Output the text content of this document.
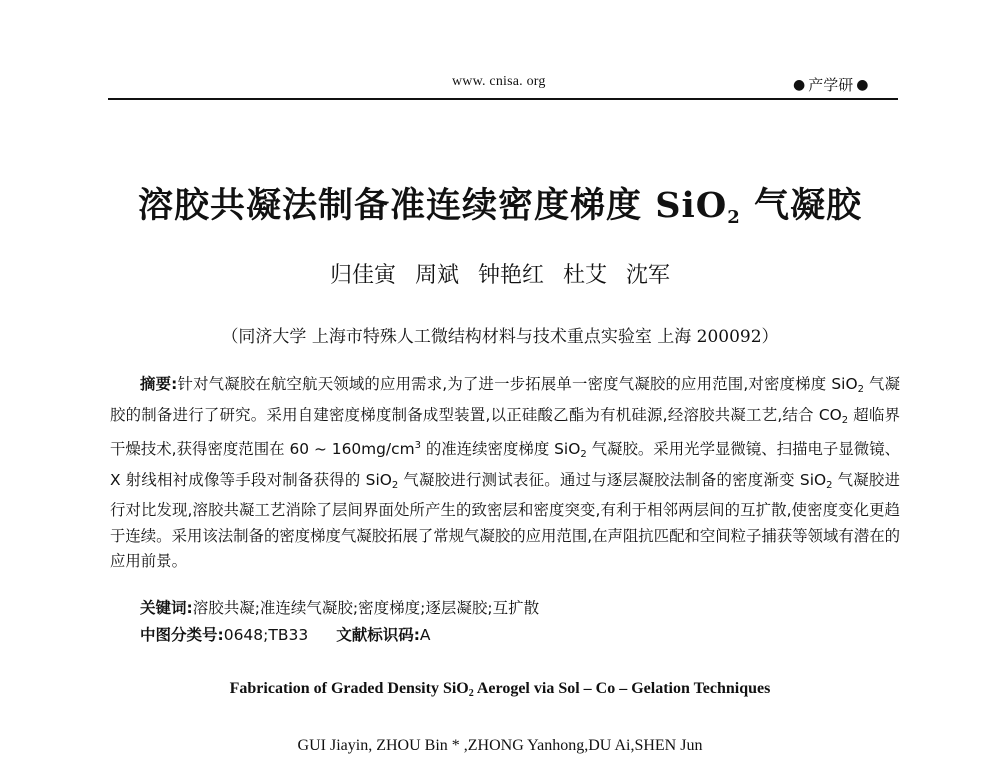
www. cnisa. org	● 产学研 ●
溶胶共凝法制备准连续密度梯度 SiO$_2$ 气凝胶
归佳寅 周斌 钟艳红 杜艾 沈军
（同济大学 上海市特殊人工微结构材料与技术重点实验室 上海 200092）

摘要:针对气凝胶在航空航天领域的应用需求,为了进一步拓展单一密度气凝胶的应用范围,对密度梯度 SiO$_2$ 气凝胶的制备进行了研究。采用自建密度梯度制备成型装置,以正硅酸乙酯为有机硅源,经溶胶共凝工艺,结合 $CO_2$ 超临界干燥技术,获得密度范围在 60 ~ $160mg/cm^3$ 的准连续密度梯度 SiO$_2$ 气凝胶。采用光学显微镜、扫描电子显微镜、X 射线相衬成像等手段对制备获得的 SiO$_2$ 气凝胶进行测试表征。通过与逐层凝胶法制备的密度渐变 SiO$_2$ 气凝胶进行对比发现,溶胶共凝工艺消除了层间界面处所产生的致密层和密度突变,有利于相邻两层间的互扩散,使密度变化更趋于连续。采用该法制备的密度梯度气凝胶拓展了常规气凝胶的应用范围,在声阻抗匹配和空间粒子捕获等领域有潜在的应用前景。

关键词:溶胶共凝;准连续气凝胶;密度梯度;逐层凝胶;互扩散
中图分类号:0648;TB33 文献标识码:A
Fabrication of Graded Density SiO$_2$ Aerogel via Sol – Co – Gelation Techniques
GUI Jiayin, ZHOU Bin * ,ZHONG Yanhong,DU Ai,SHEN Jun
